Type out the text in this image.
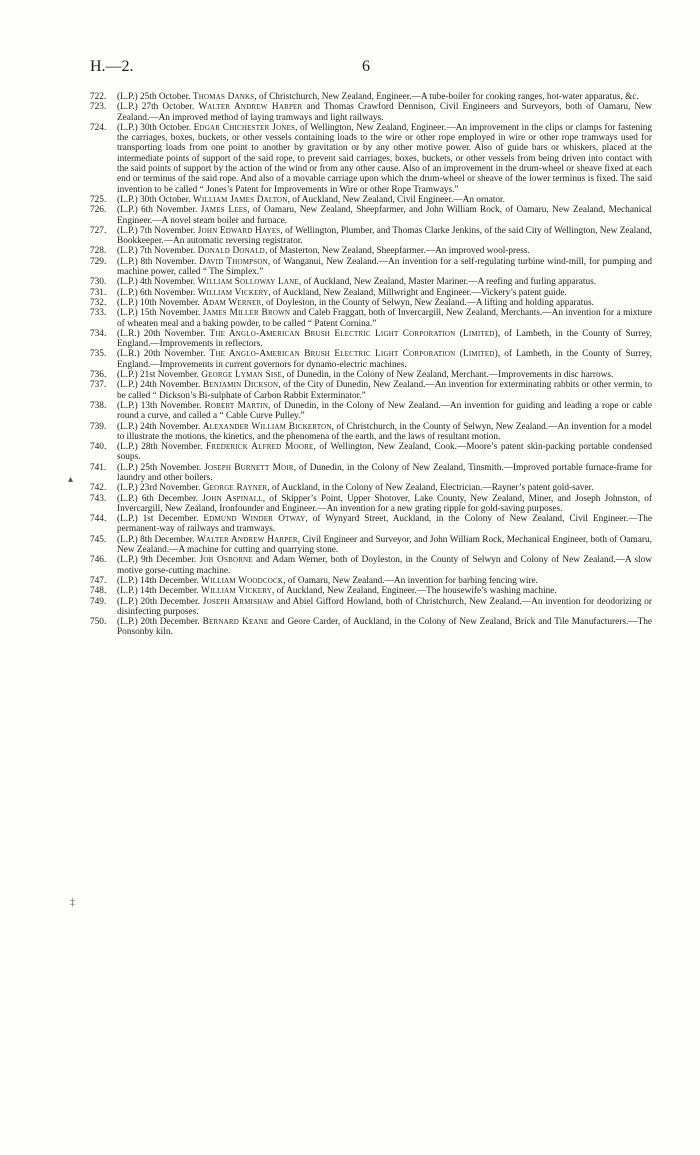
H.—2.	6
▴
‡

722. (L.P.) 25th October. Thomas Danks, of Christchurch, New Zealand, Engineer.—A tube-boiler for cooking ranges, hot-water apparatus, &c.

723. (L.P.) 27th October. Walter Andrew Harper and Thomas Crawford Dennison, Civil Engineers and Surveyors, both of Oamaru, New Zealand.—An improved method of laying tramways and light railways.

724. (L.P.) 30th October. Edgar Chichester Jones, of Wellington, New Zealand, Engineer.—An improvement in the clips or clamps for fastening the carriages, boxes, buckets, or other vessels containing loads to the wire or other rope employed in wire or other rope tramways used for transporting loads from one point to another by gravitation or by any other motive power. Also of guide bars or whiskers, placed at the intermediate points of support of the said rope, to prevent said carriages, boxes, buckets, or other vessels from being driven into contact with the said points of support by the action of the wind or from any other cause. Also of an improvement in the drum-wheel or sheave fixed at each end or terminus of the said rope. And also of a movable carriage upon which the drum-wheel or sheave of the lower terminus is fixed. The said invention to be called “ Jones’s Patent for Improvements in Wire or other Rope Tramways.”

725. (L.P.) 30th October. William James Dalton, of Auckland, New Zealand, Civil Engineer.—An ornator.

726. (L.P.) 6th November. James Lees, of Oamaru, New Zealand, Sheepfarmer, and John William Rock, of Oamaru, New Zealand, Mechanical Engineer.—A novel steam boiler and furnace.

727. (L.P.) 7th November. John Edward Hayes, of Wellington, Plumber, and Thomas Clarke Jenkins, of the said City of Wellington, New Zealand, Bookkeeper.—An automatic reversing registrator.

728. (L.P.) 7th November. Donald Donald, of Masterton, New Zealand, Sheepfarmer.—An improved wool-press.

729. (L.P.) 8th November. David Thompson, of Wanganui, New Zealand.—An invention for a self-regulating turbine wind-mill, for pumping and machine power, called “ The Simplex.”

730. (L.P.) 4th November. William Solloway Lane, of Auckland, New Zealand, Master Mariner.—A reefing and furling apparatus.

731. (L.P.) 6th November. William Vickery, of Auckland, New Zealand, Millwright and Engineer.—Vickery’s patent guide.

732. (L.P.) 10th November. Adam Werner, of Doyleston, in the County of Selwyn, New Zealand.—A lifting and holding apparatus.

733. (L.P.) 15th November. James Miller Brown and Caleb Fraggatt, both of Invercargill, New Zealand, Merchants.—An invention for a mixture of wheaten meal and a baking powder, to be called “ Patent Cornina.”

734. (L.R.) 20th November. The Anglo-American Brush Electric Light Corporation (Limited), of Lambeth, in the County of Surrey, England.—Improvements in reflectors.

735. (L.R.) 20th November. The Anglo-American Brush Electric Light Corporation (Limited), of Lambeth, in the County of Surrey, England.—Improvements in current governors for dynamo-electric machines.

736. (L.P.) 21st November. George Lyman Sise, of Dunedin, in the Colony of New Zealand, Merchant.—Improvements in disc harrows.

737. (L.P.) 24th November. Benjamin Dickson, of the City of Dunedin, New Zealand.—An invention for exterminating rabbits or other vermin, to be called “ Dickson’s Bi-sulphate of Carbon Rabbit Exterminator.”

738. (L.P.) 13th November. Robert Martin, of Dunedin, in the Colony of New Zealand.—An invention for guiding and leading a rope or cable round a curve, and called a “ Cable Curve Pulley.”

739. (L.P.) 24th November. Alexander William Bickerton, of Christchurch, in the County of Selwyn, New Zealand.—An invention for a model to illustrate the motions, the kinetics, and the phenomena of the earth, and the laws of resultant motion.

740. (L.P.) 28th November. Frederick Alfred Moore, of Wellington, New Zealand, Cook.—Moore’s patent skin-packing portable condensed soups.

741. (L.P.) 25th November. Joseph Burnett Moir, of Dunedin, in the Colony of New Zealand, Tinsmith.—Improved portable furnace-frame for laundry and other boilers.

742. (L.P.) 23rd November. George Rayner, of Auckland, in the Colony of New Zealand, Electrician.—Rayner’s patent gold-saver.

743. (L.P.) 6th December. John Aspinall, of Skipper’s Point, Upper Shotover, Lake County, New Zealand, Miner, and Joseph Johnston, of Invercargill, New Zealand, Ironfounder and Engineer.—An invention for a new grating ripple for gold-saving purposes.

744. (L.P.) 1st December. Edmund Winder Otway, of Wynyard Street, Auckland, in the Colony of New Zealand, Civil Engineer.—The permanent-way of railways and tramways.

745. (L.P.) 8th December. Walter Andrew Harper, Civil Engineer and Surveyor, and John William Rock, Mechanical Engineer, both of Oamaru, New Zealand.—A machine for cutting and quarrying stone.

746. (L.P.) 9th December. Job Osborne and Adam Werner, both of Doyleston, in the County of Selwyn and Colony of New Zealand.—A slow motive gorse-cutting machine.

747. (L.P.) 14th December. William Woodcock, of Oamaru, New Zealand.—An invention for barbing fencing wire.

748. (L.P.) 14th December. William Vickery, of Auckland, New Zealand, Engineer.—The housewife’s washing machine.

749. (L.P.) 20th December. Joseph Armishaw and Abiel Gifford Howland, both of Christchurch, New Zealand.—An invention for deodorizing or disinfecting purposes.

750. (L.P.) 20th December. Bernard Keane and Geore Carder, of Auckland, in the Colony of New Zealand, Brick and Tile Manufacturers.—The Ponsonby kiln.
